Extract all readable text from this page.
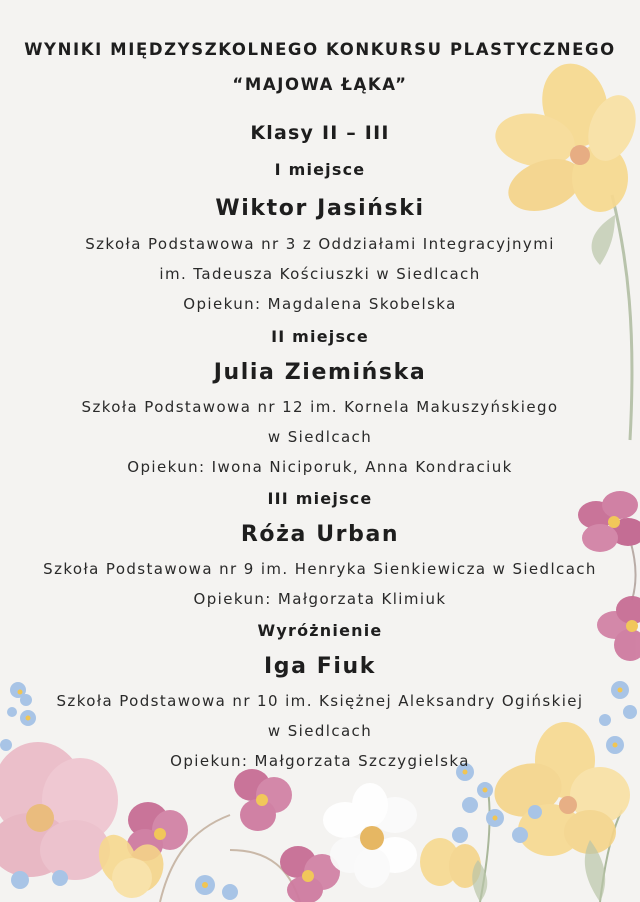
WYNIKI MIĘDZYSZKOLNEGO KONKURSU PLASTYCZNEGO
“MAJOWA ŁĄKA”
Klasy II – III
I miejsce
Wiktor Jasiński
Szkoła Podstawowa nr 3 z Oddziałami Integracyjnymi
im. Tadeusza Kościuszki w Siedlcach
Opiekun: Magdalena Skobelska
II miejsce
Julia Ziemińska
Szkoła Podstawowa nr 12 im. Kornela Makuszyńskiego
w Siedlcach
Opiekun: Iwona Niciporuk, Anna Kondraciuk
III miejsce
Róża Urban
Szkoła Podstawowa nr 9 im. Henryka Sienkiewicza w Siedlcach
Opiekun: Małgorzata Klimiuk
Wyróżnienie
Iga Fiuk
Szkoła Podstawowa nr 10 im. Księżnej Aleksandry Ogińskiej
w Siedlcach
Opiekun: Małgorzata Szczygielska
